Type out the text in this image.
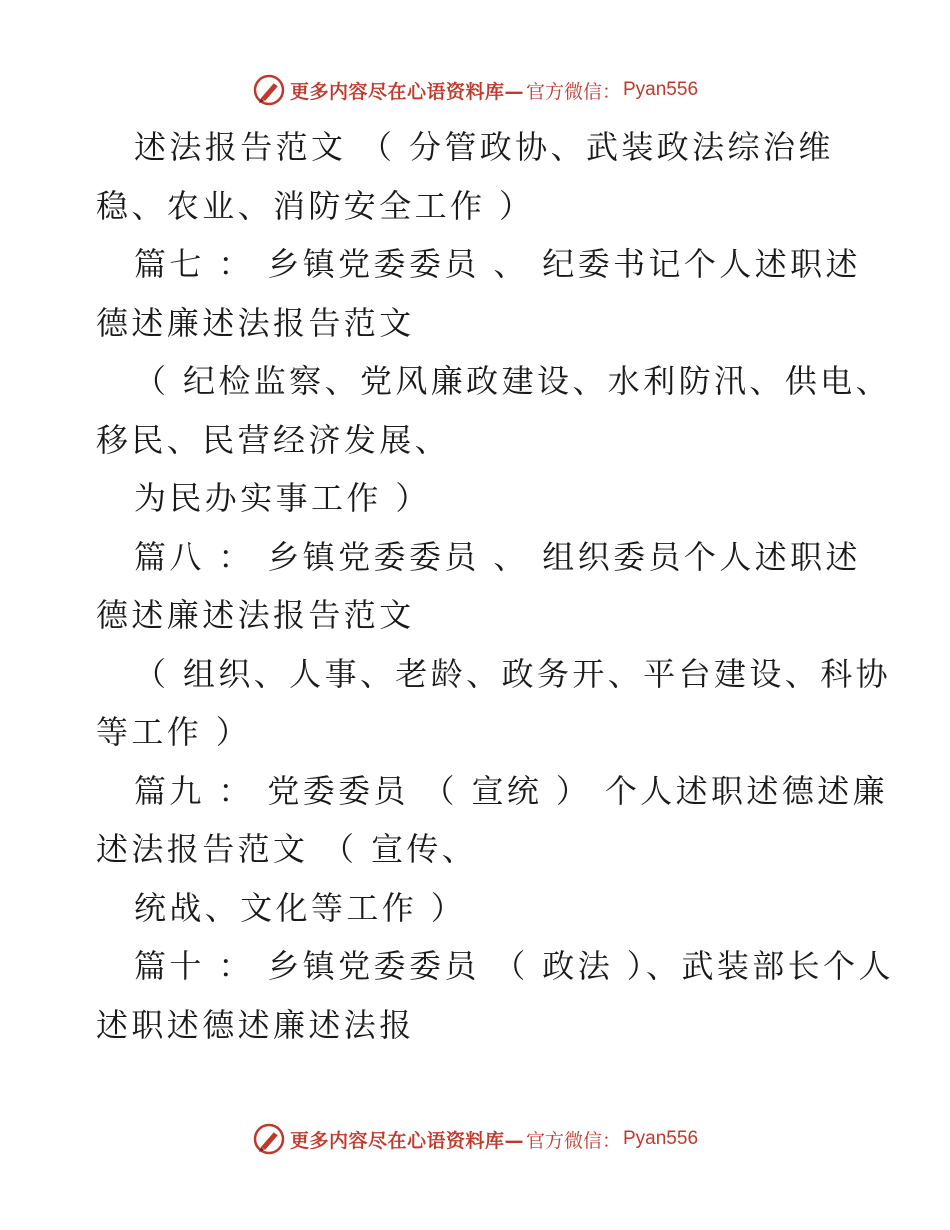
更多内容尽在心语资料库— 官方微信： Pyan556
述法报告范文 （ 分管政协、武装政法综治维
稳、农业、消防安全工作 ）
篇七 ： 乡镇党委委员 、 纪委书记个人述职述
德述廉述法报告范文
（ 纪检监察、党风廉政建设、水利防汛、供电、
移民、民营经济发展、
为民办实事工作 ）
篇八 ： 乡镇党委委员 、 组织委员个人述职述
德述廉述法报告范文
（ 组织、人事、老龄、政务开、平台建设、科协
等工作 ）
篇九 ： 党委委员 （ 宣统 ） 个人述职述德述廉
述法报告范文 （ 宣传、
统战、文化等工作 ）
篇十 ： 乡镇党委委员 （ 政法 ）、武装部长个人
述职述德述廉述法报
更多内容尽在心语资料库— 官方微信： Pyan556
